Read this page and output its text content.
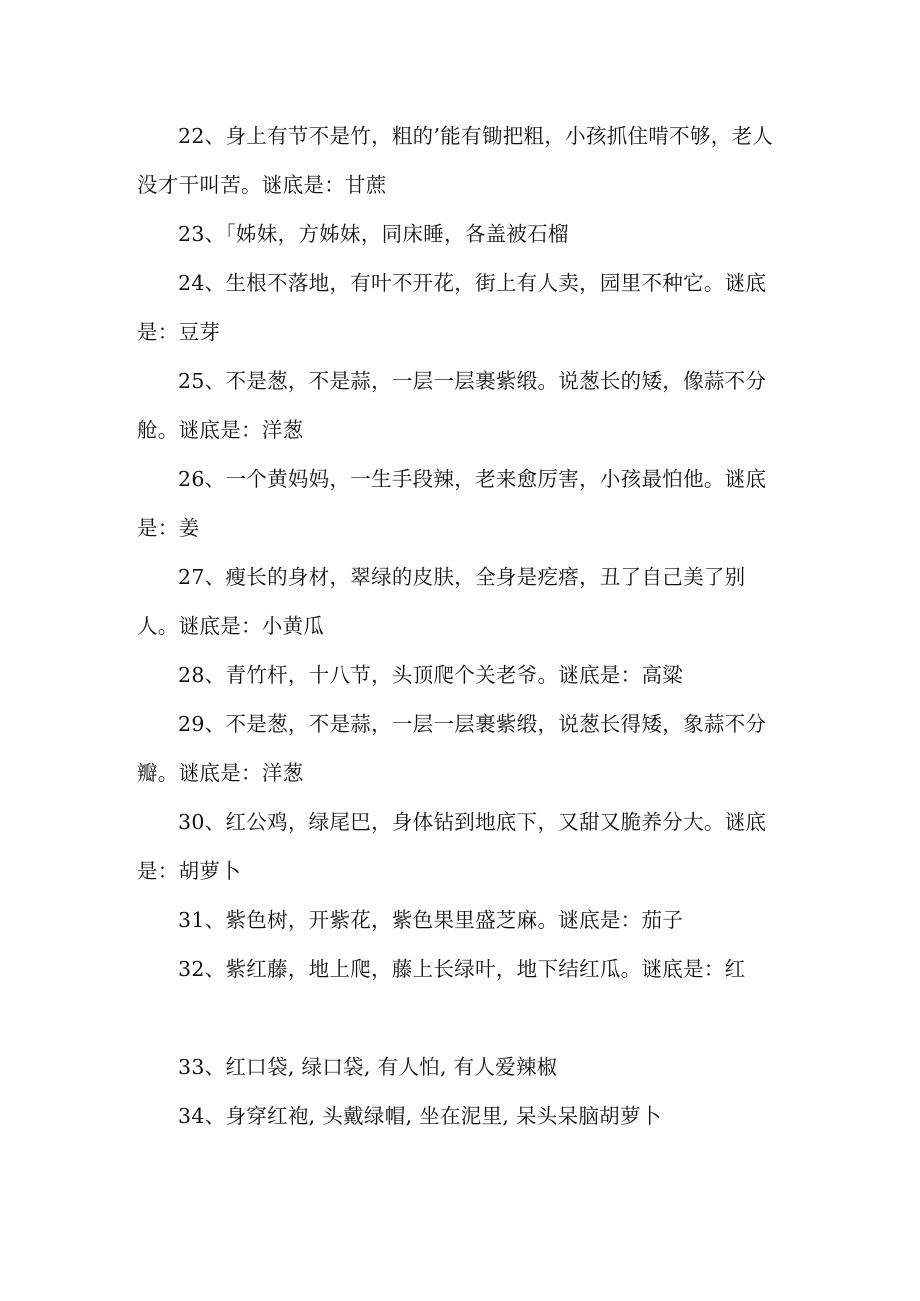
22、身上有节不是竹，粗的’能有锄把粗，小孩抓住啃不够，老人没才干叫苦。谜底是：甘蔗

23、「姊妹，方姊妹，同床睡，各盖被石榴

24、生根不落地，有叶不开花，街上有人卖，园里不种它。谜底是：豆芽

25、不是葱，不是蒜，一层一层裹紫缎。说葱长的矮，像蒜不分舱。谜底是：洋葱

26、一个黄妈妈，一生手段辣，老来愈厉害，小孩最怕他。谜底是：姜

27、瘦长的身材，翠绿的皮肤，全身是疙瘩，丑了自己美了别人。谜底是：小黄瓜

28、青竹杆，十八节，头顶爬个关老爷。谜底是：高粱

29、不是葱，不是蒜，一层一层裹紫缎，说葱长得矮，象蒜不分瓣。谜底是：洋葱

30、红公鸡，绿尾巴，身体钻到地底下，又甜又脆养分大。谜底是：胡萝卜

31、紫色树，开紫花，紫色果里盛芝麻。谜底是：茄子

32、紫红藤，地上爬，藤上长绿叶，地下结红瓜。谜底是：红

33、红口袋, 绿口袋, 有人怕, 有人爱辣椒

34、身穿红袍, 头戴绿帽, 坐在泥里, 呆头呆脑胡萝卜
